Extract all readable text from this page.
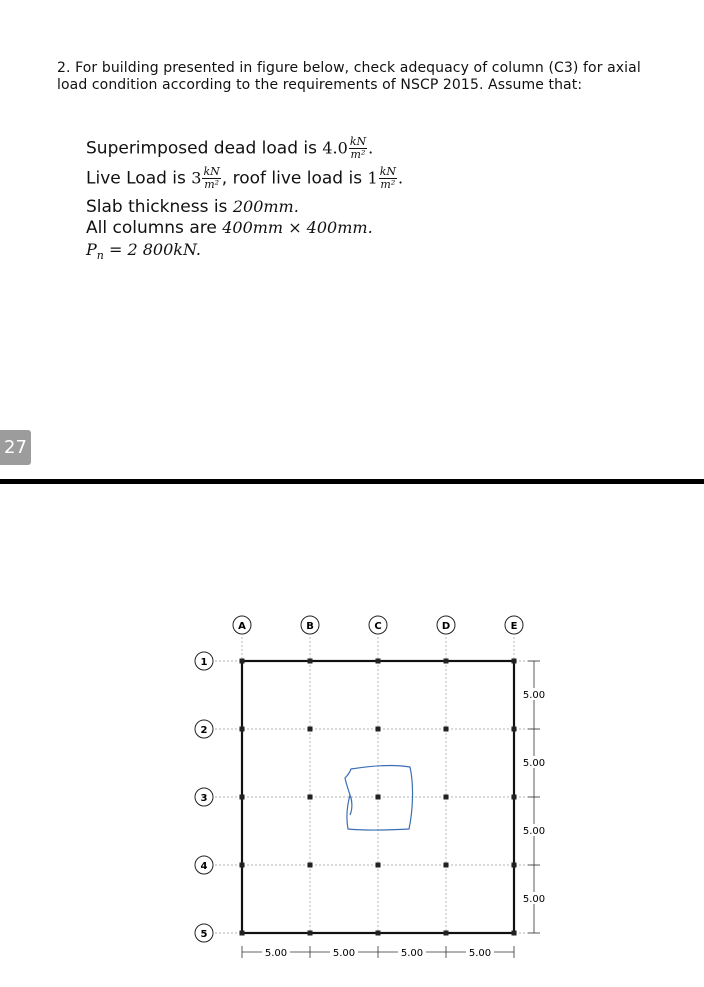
2. For building presented in figure below, check adequacy of column (C3) for axial
load condition according to the requirements of NSCP 2015. Assume that:
Superimposed dead load is $4.0 \frac{kN}{\text{m²}}$ .
Live Load is $3 \frac{kN}{\text{m²}}$ , roof live load is $1 \frac{kN}{\text{m²}}$ .
Slab thickness is 200mm.
All columns are 400mm × 400mm.
$P_n = 2$ 800kN.
27
A	B	C	D	E
1
2
3
4
5
5.00	5.00	5.00	5.00
5.00
5.00
5.00
5.00
